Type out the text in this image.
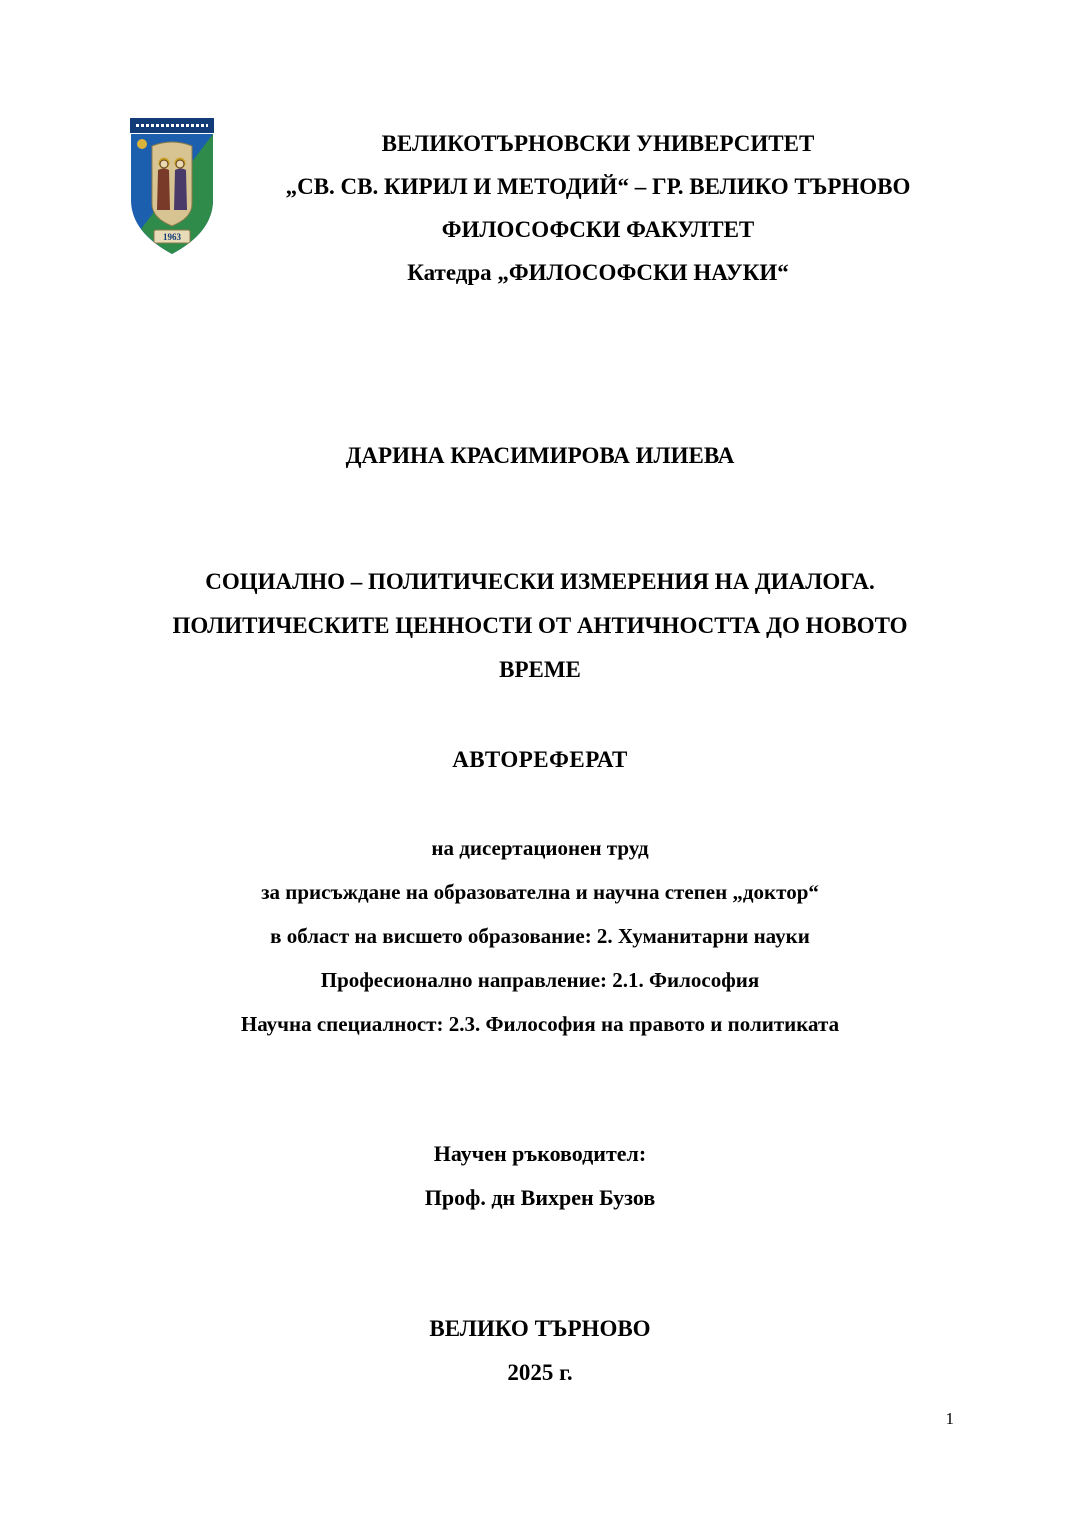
1963
ВЕЛИКОТЪРНОВСКИ УНИВЕРСИТЕТ
„СВ. СВ. КИРИЛ И МЕТОДИЙ“ – ГР. ВЕЛИКО ТЪРНОВО
ФИЛОСОФСКИ ФАКУЛТЕТ
Катедра „ФИЛОСОФСКИ НАУКИ“
ДАРИНА КРАСИМИРОВА ИЛИЕВА
СОЦИАЛНО – ПОЛИТИЧЕСКИ ИЗМЕРЕНИЯ НА ДИАЛОГА.
ПОЛИТИЧЕСКИТЕ ЦЕННОСТИ ОТ АНТИЧНОСТТА ДО НОВОТО
ВРЕМЕ
АВТОРЕФЕРАТ
на дисертационен труд
за присъждане на образователна и научна степен „доктор“
в област на висшето образование: 2. Хуманитарни науки
Професионално направление: 2.1. Философия
Научна специалност: 2.3. Философия на правото и политиката
Научен ръководител:
Проф. дн Вихрен Бузов
ВЕЛИКО ТЪРНОВО
2025 г.
1
